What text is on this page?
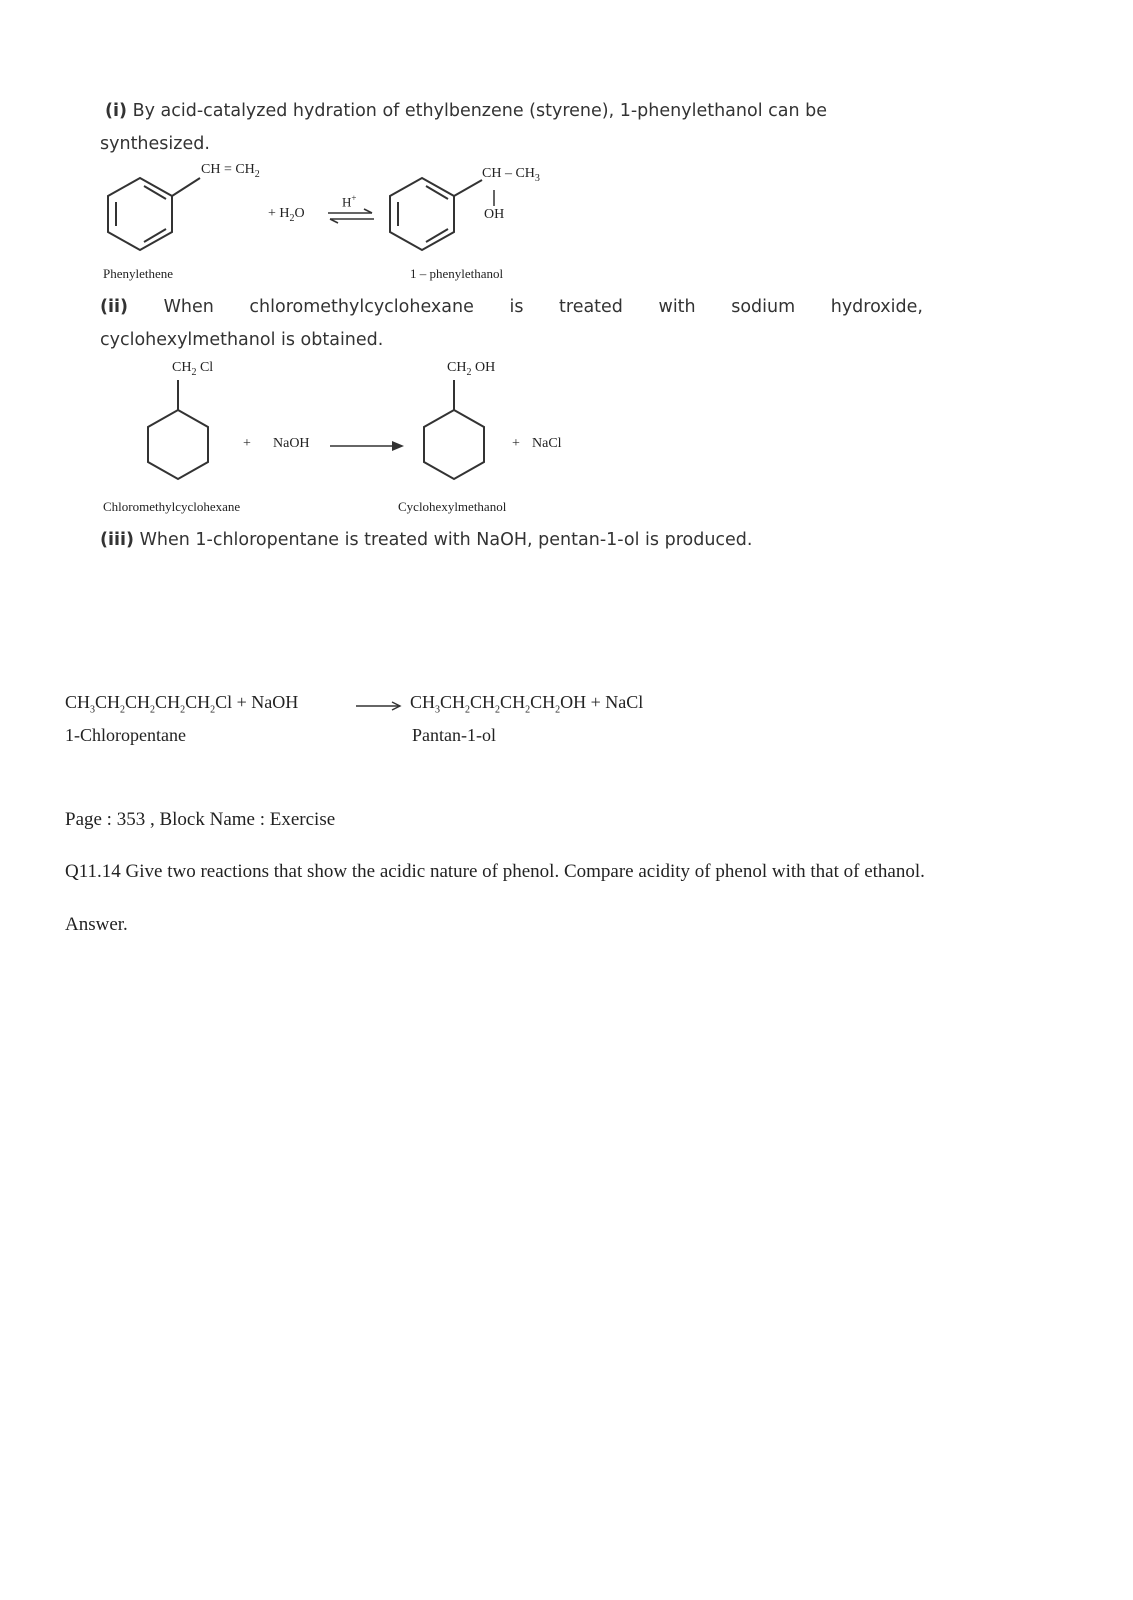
(i) By acid-catalyzed hydration of ethylbenzene (styrene), 1-phenylethanol can be
synthesized.
CH = $CH_2$
+ $H_2O$
H+
CH – $CH_3$
OH
Phenylethene	1 – phenylethanol
(ii) When chloromethylcyclohexane is treated with sodium hydroxide,
cyclohexylmethanol is obtained.
$CH_2$ Cl
+ NaOH
$CH_2$ OH
+ NaCl
Chloromethylcyclohexane	Cyclohexylmethanol
(iii) When 1-chloropentane is treated with NaOH, pentan-1-ol is produced.
$CH_3CH_2CH_2CH_2CH_2Cl$ + NaOH	$CH_3CH_2CH_2CH_2CH_2OH$ + NaCl
1-Chloropentane	Pantan-1-ol
Page : 353 , Block Name : Exercise
Q11.14 Give two reactions that show the acidic nature of phenol. Compare acidity of phenol with that of ethanol.
Answer.
